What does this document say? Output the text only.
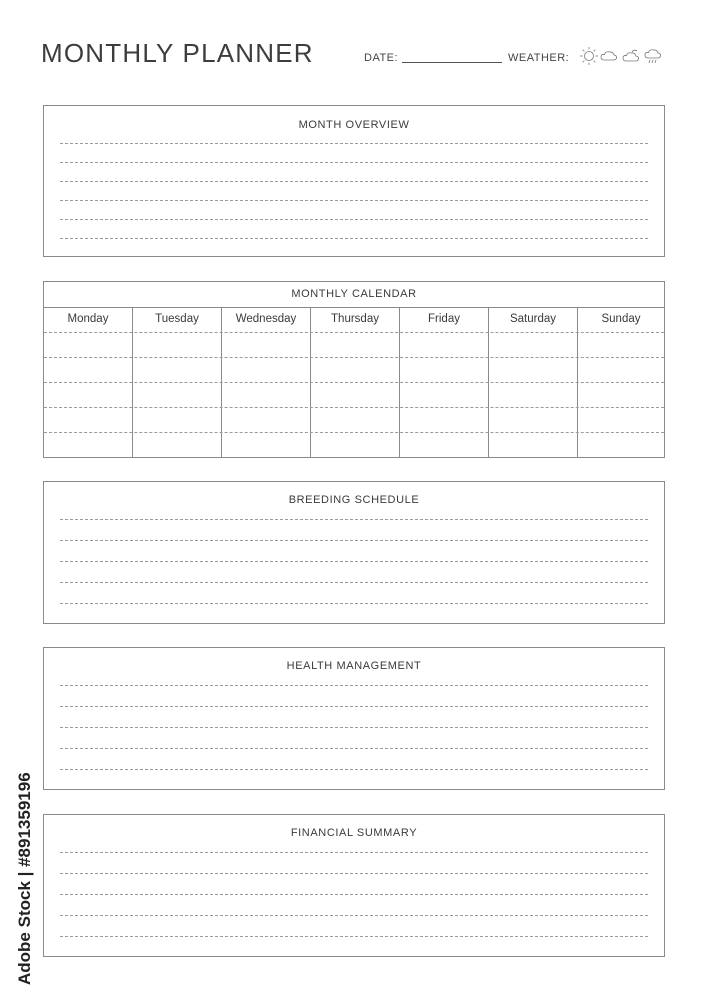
MONTHLY PLANNER	DATE:	WEATHER:
MONTH OVERVIEW
MONTHLY CALENDAR
Monday	Tuesday	Wednesday	Thursday	Friday	Saturday	Sunday
BREEDING SCHEDULE
HEALTH MANAGEMENT
FINANCIAL SUMMARY
Adobe Stock | #891359196
